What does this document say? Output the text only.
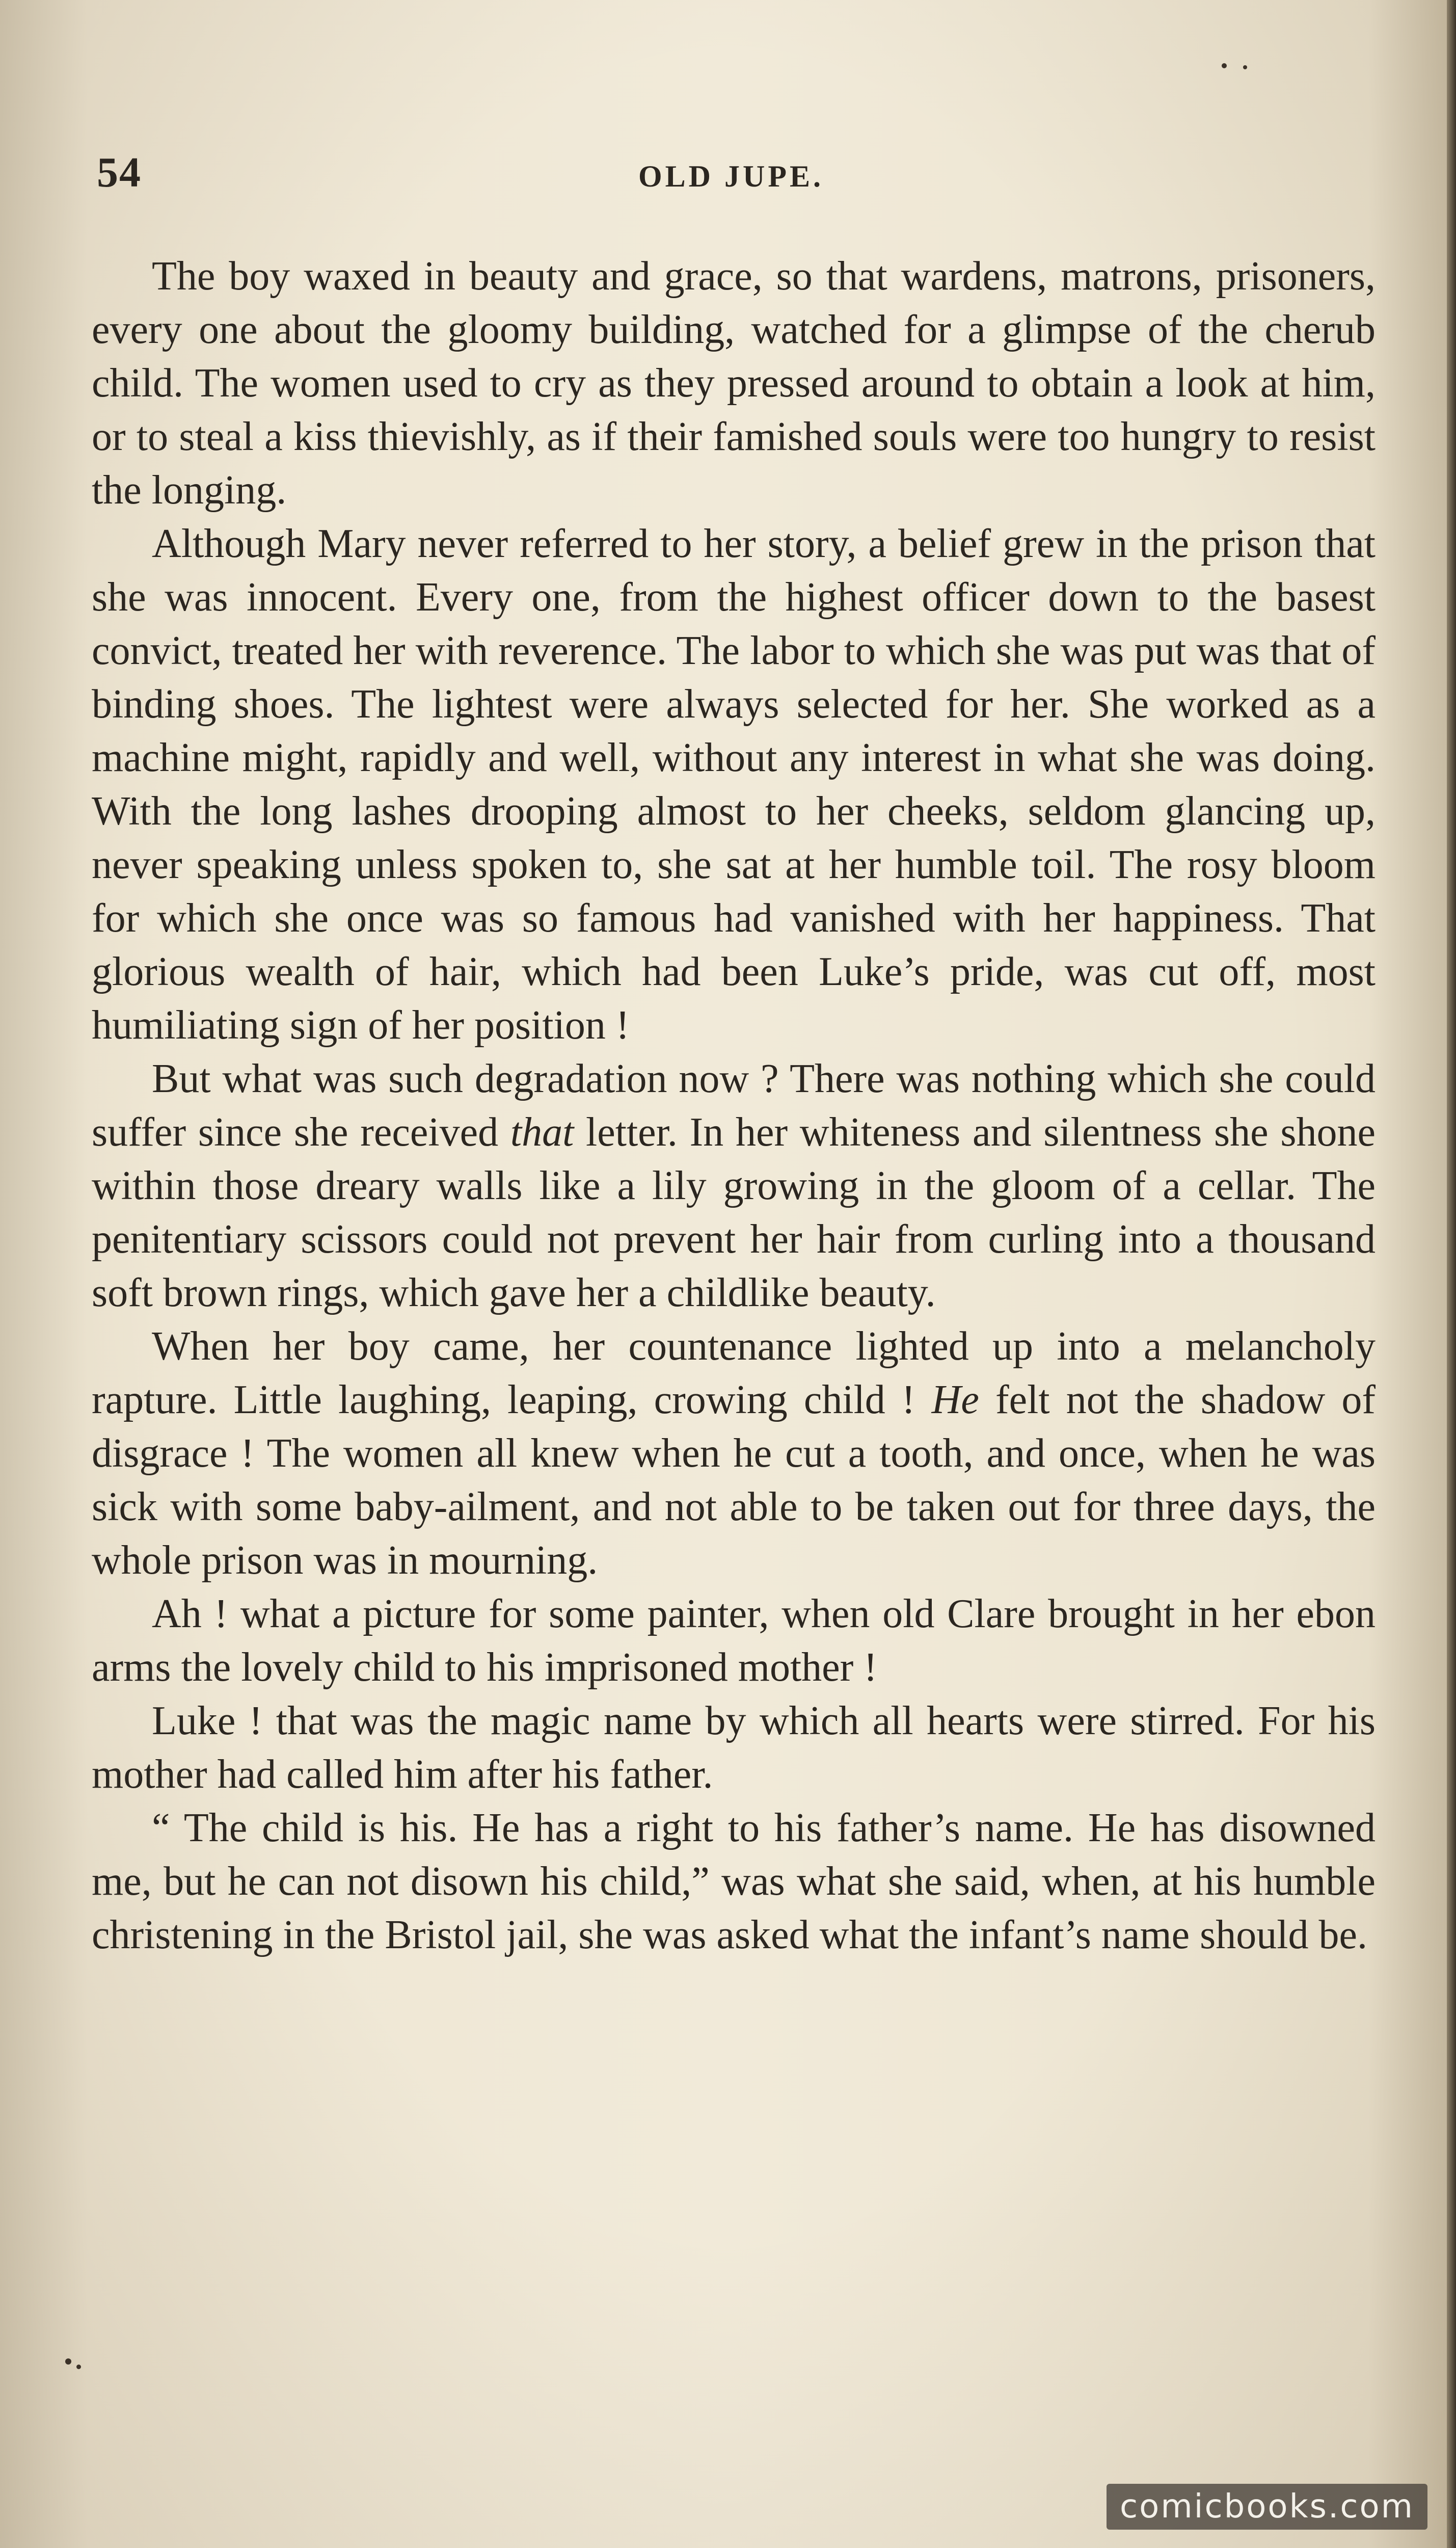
54	OLD JUPE.

The boy waxed in beauty and grace, so that wardens, matrons, prisoners, every one about the gloomy building, watched for a glimpse of the cherub child. The women used to cry as they pressed around to obtain a look at him, or to steal a kiss thievishly, as if their famished souls were too hungry to resist the longing.

Although Mary never referred to her story, a belief grew in the prison that she was innocent. Every one, from the highest officer down to the basest convict, treated her with reverence. The labor to which she was put was that of binding shoes. The lightest were always selected for her. She worked as a machine might, rapidly and well, without any interest in what she was doing. With the long lashes drooping almost to her cheeks, seldom glancing up, never speaking unless spoken to, she sat at her humble toil. The rosy bloom for which she once was so famous had vanished with her happiness. That glorious wealth of hair, which had been Luke’s pride, was cut off, most humiliating sign of her position !

But what was such degradation now ? There was nothing which she could suffer since she received that letter. In her whiteness and silentness she shone within those dreary walls like a lily growing in the gloom of a cellar. The penitentiary scissors could not prevent her hair from curling into a thousand soft brown rings, which gave her a childlike beauty.

When her boy came, her countenance lighted up into a melancholy rapture. Little laughing, leaping, crowing child ! He felt not the shadow of disgrace ! The women all knew when he cut a tooth, and once, when he was sick with some baby-ailment, and not able to be taken out for three days, the whole prison was in mourning.

Ah ! what a picture for some painter, when old Clare brought in her ebon arms the lovely child to his imprisoned mother !

Luke ! that was the magic name by which all hearts were stirred. For his mother had called him after his father.

“ The child is his. He has a right to his father’s name. He has disowned me, but he can not disown his child,” was what she said, when, at his humble christening in the Bristol jail, she was asked what the infant’s name should be.

comicbooks.com
